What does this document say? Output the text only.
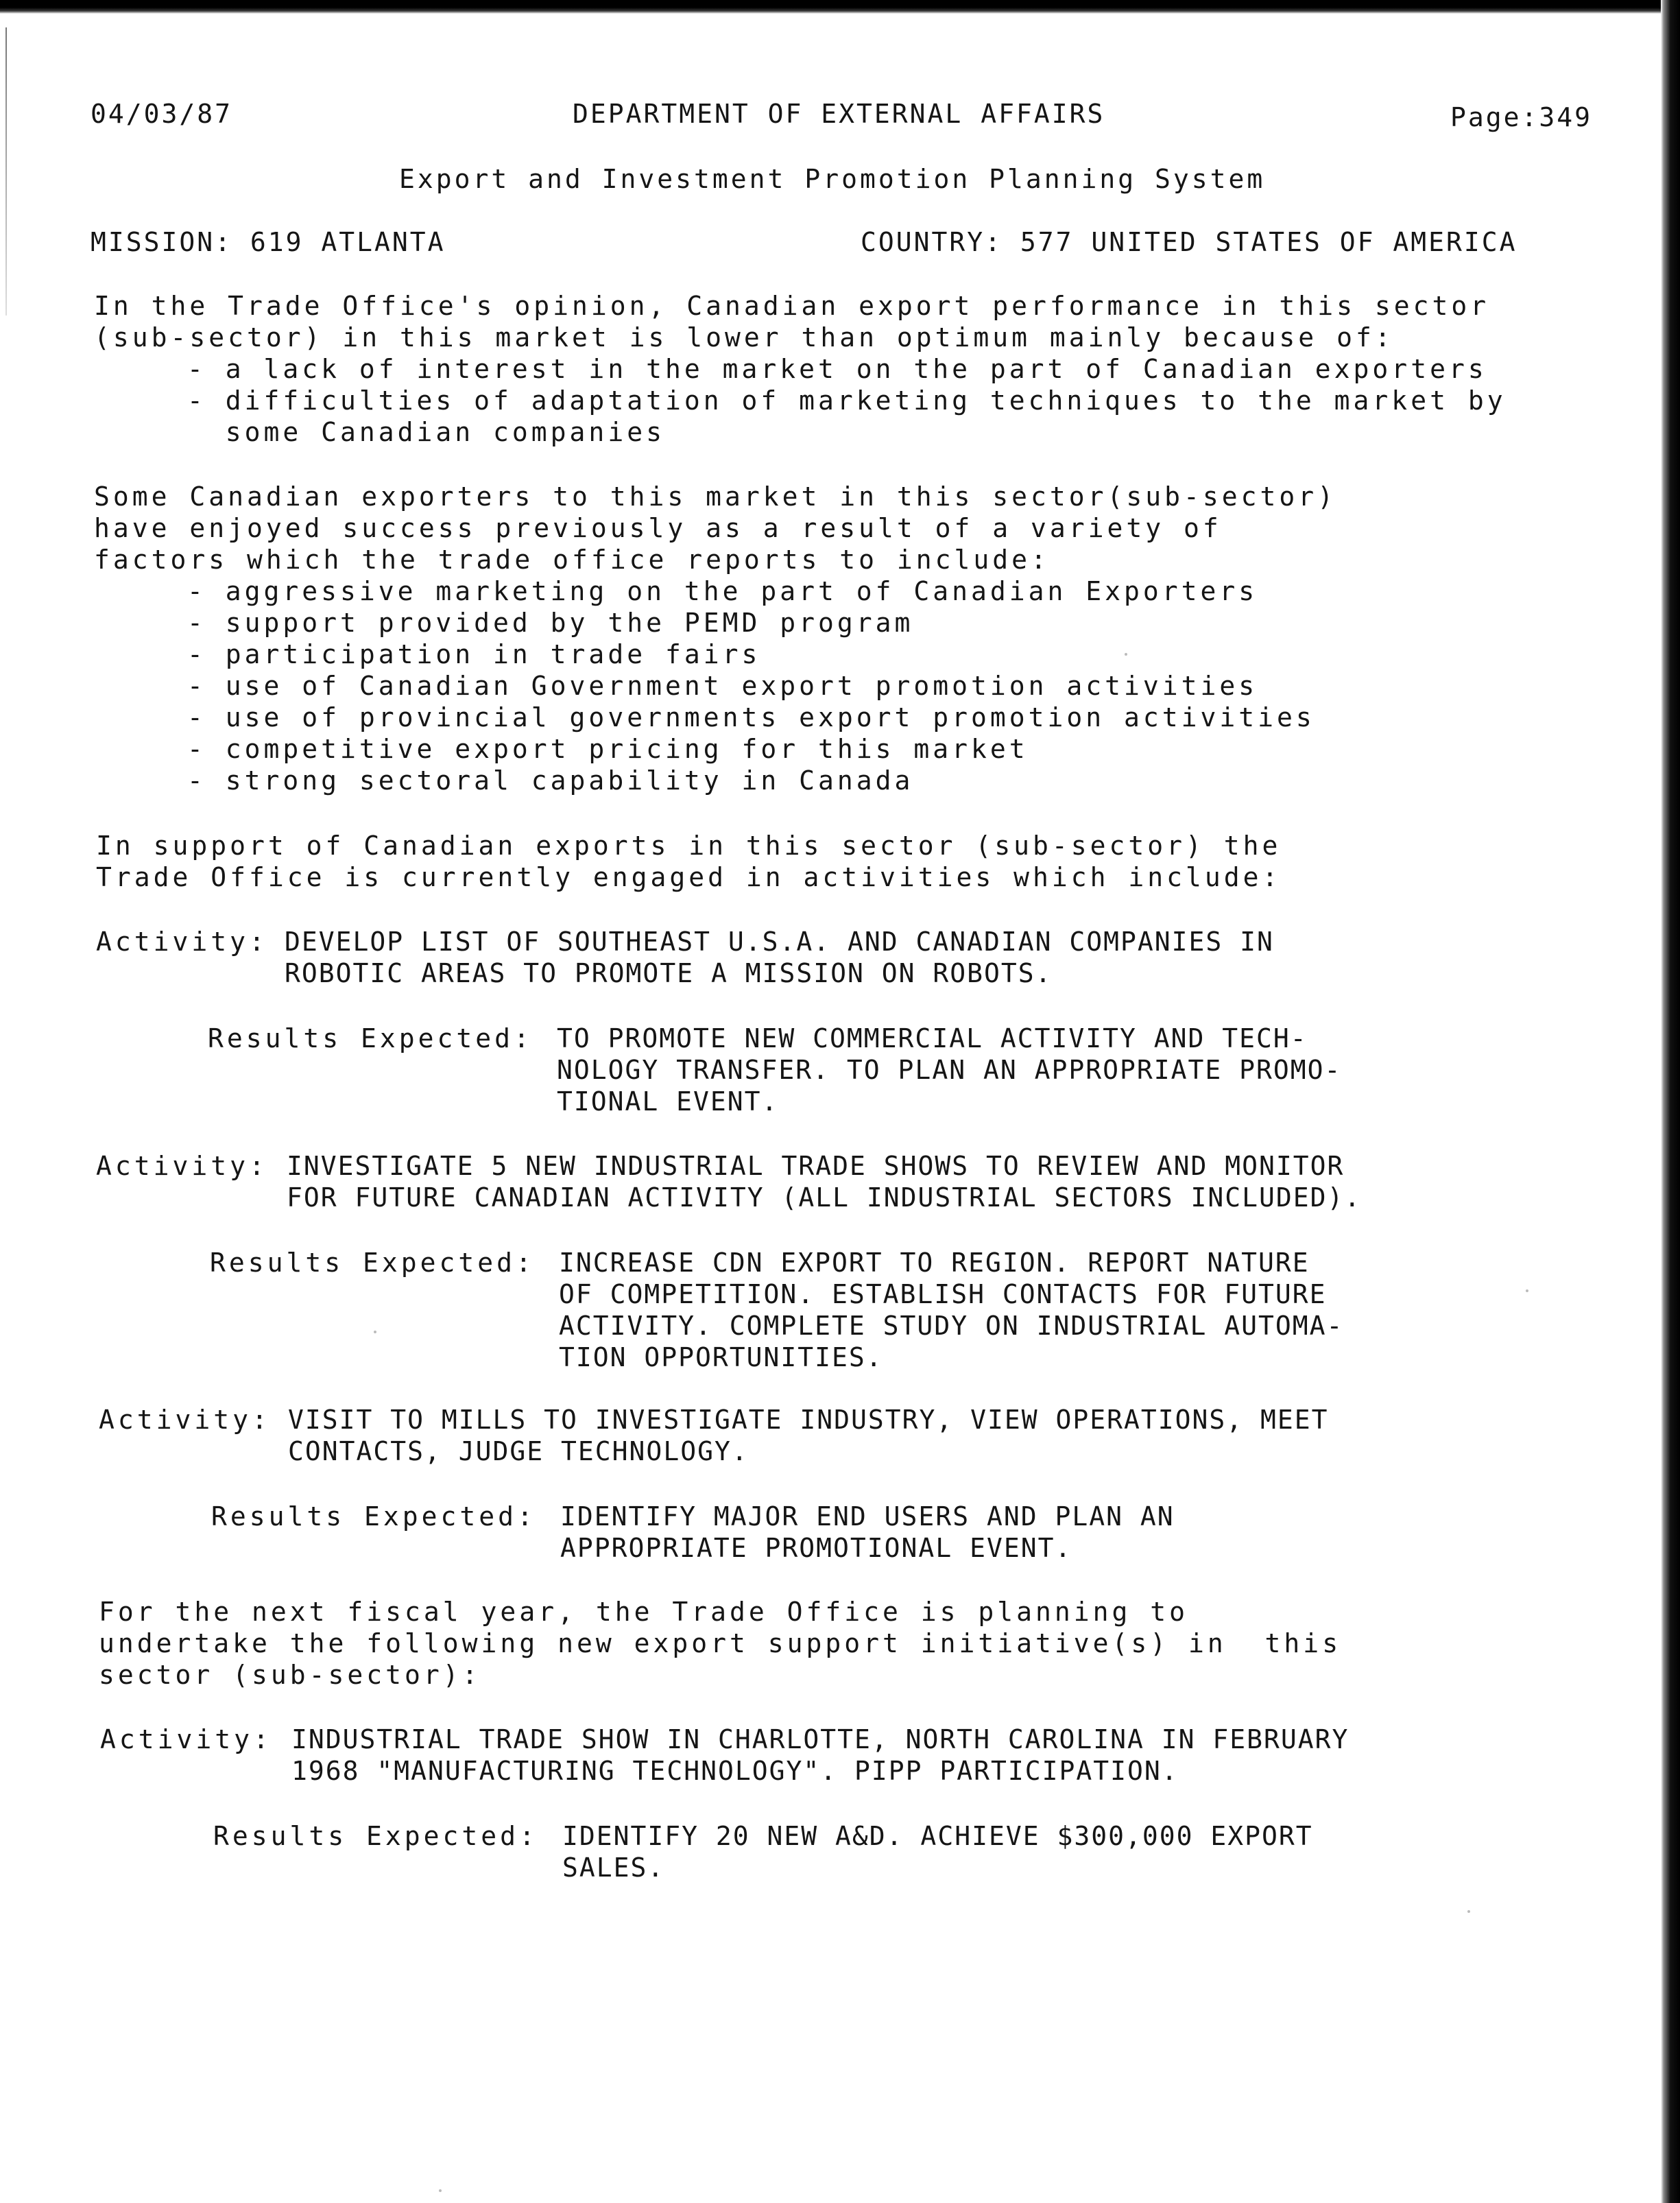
04/03/87	DEPARTMENT OF EXTERNAL AFFAIRS	Page:349
Export and Investment Promotion Planning System
MISSION: 619 ATLANTA	COUNTRY: 577 UNITED STATES OF AMERICA
In the Trade Office's opinion, Canadian export performance in this sector
(sub-sector) in this market is lower than optimum mainly because of:
- a lack of interest in the market on the part of Canadian exporters
- difficulties of adaptation of marketing techniques to the market by
some Canadian companies
Some Canadian exporters to this market in this sector(sub-sector)
have enjoyed success previously as a result of a variety of
factors which the trade office reports to include:
- aggressive marketing on the part of Canadian Exporters
- support provided by the PEMD program
- participation in trade fairs
- use of Canadian Government export promotion activities
- use of provincial governments export promotion activities
- competitive export pricing for this market
- strong sectoral capability in Canada
In support of Canadian exports in this sector (sub-sector) the
Trade Office is currently engaged in activities which include:
Activity: DEVELOP LIST OF SOUTHEAST U.S.A. AND CANADIAN COMPANIES IN
ROBOTIC AREAS TO PROMOTE A MISSION ON ROBOTS.
Results Expected: TO PROMOTE NEW COMMERCIAL ACTIVITY AND TECH-
NOLOGY TRANSFER. TO PLAN AN APPROPRIATE PROMO-
TIONAL EVENT.
Activity: INVESTIGATE 5 NEW INDUSTRIAL TRADE SHOWS TO REVIEW AND MONITOR
FOR FUTURE CANADIAN ACTIVITY (ALL INDUSTRIAL SECTORS INCLUDED).
Results Expected: INCREASE CDN EXPORT TO REGION. REPORT NATURE
OF COMPETITION. ESTABLISH CONTACTS FOR FUTURE
ACTIVITY. COMPLETE STUDY ON INDUSTRIAL AUTOMA-
TION OPPORTUNITIES.
Activity: VISIT TO MILLS TO INVESTIGATE INDUSTRY, VIEW OPERATIONS, MEET
CONTACTS, JUDGE TECHNOLOGY.
Results Expected: IDENTIFY MAJOR END USERS AND PLAN AN
APPROPRIATE PROMOTIONAL EVENT.
For the next fiscal year, the Trade Office is planning to
undertake the following new export support initiative(s) in  this
sector (sub-sector):
Activity: INDUSTRIAL TRADE SHOW IN CHARLOTTE, NORTH CAROLINA IN FEBRUARY
1968 "MANUFACTURING TECHNOLOGY". PIPP PARTICIPATION.
Results Expected: IDENTIFY 20 NEW A&D. ACHIEVE $300,000 EXPORT
SALES.
